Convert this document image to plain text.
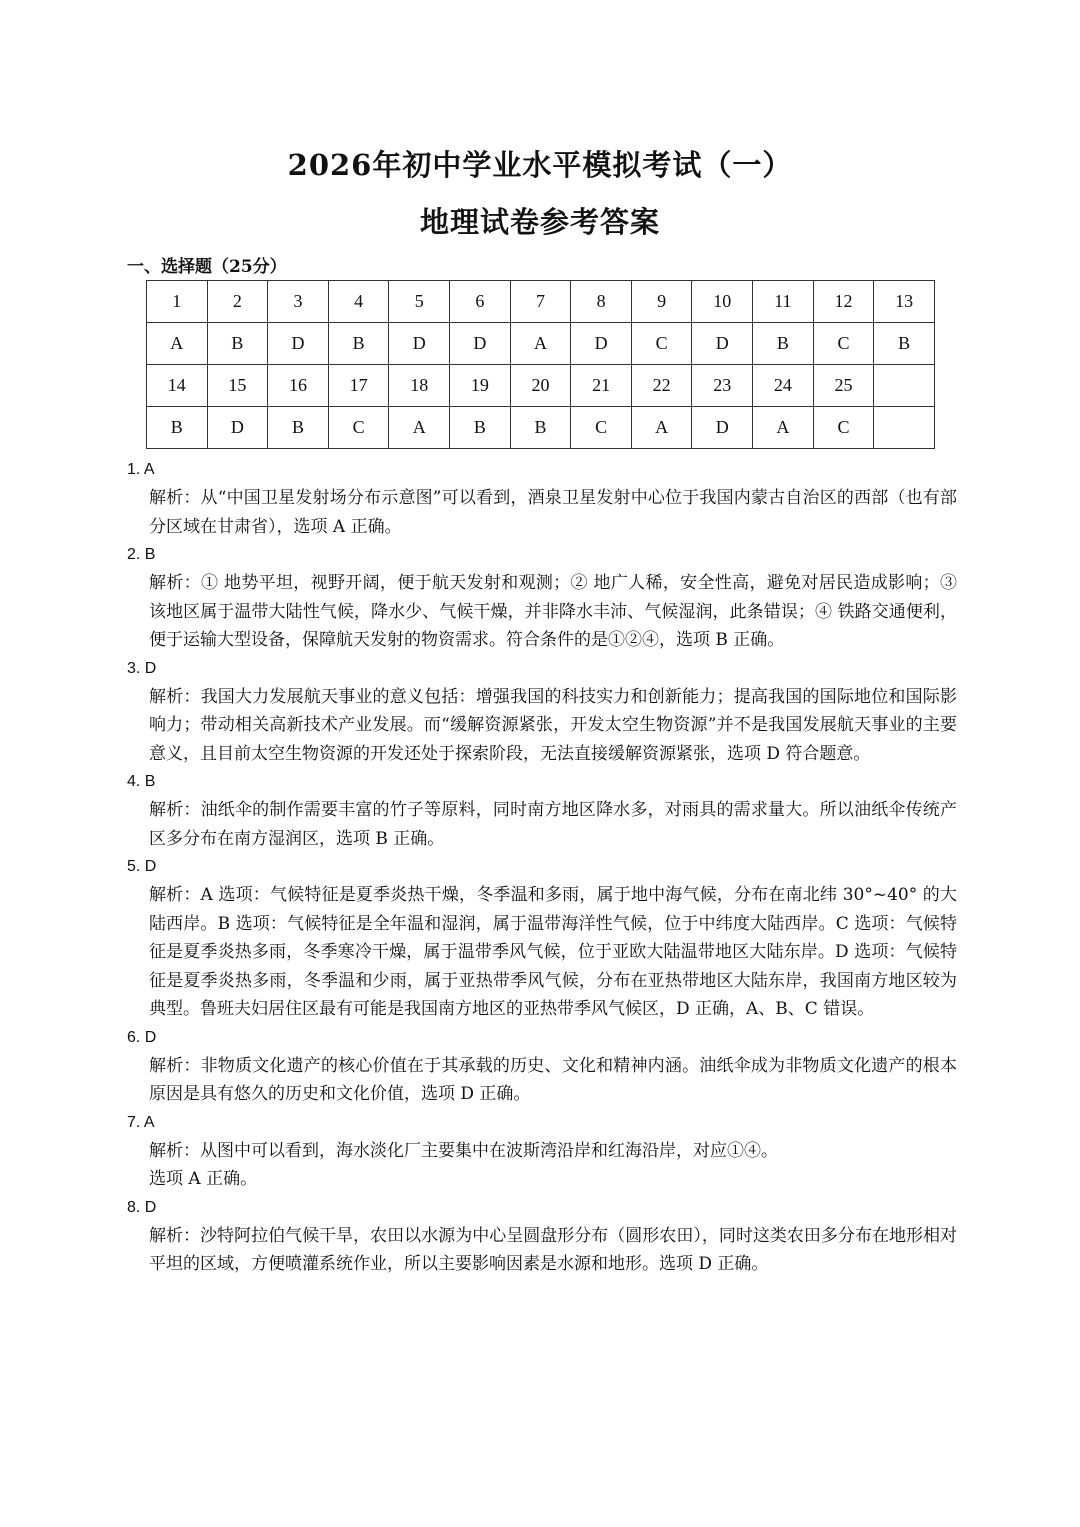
2026年初中学业水平模拟考试（一）
地理试卷参考答案
一、选择题（25分）
1	2	3	4	5	6	7	8	9	10	11	12	13
A	B	D	B	D	D	A	D	C	D	B	C	B
14	15	16	17	18	19	20	21	22	23	24	25	
B	D	B	C	A	B	B	C	A	D	A	C	
1. A
解析：从“中国卫星发射场分布示意图”可以看到，酒泉卫星发射中心位于我国内蒙古自治区的西部（也有部分区域在甘肃省），选项 A 正确。
2. B
解析：① 地势平坦，视野开阔，便于航天发射和观测；② 地广人稀，安全性高，避免对居民造成影响；③ 该地区属于温带大陆性气候，降水少、气候干燥，并非降水丰沛、气候湿润，此条错误；④ 铁路交通便利，便于运输大型设备，保障航天发射的物资需求。符合条件的是①②④，选项 B 正确。
3. D
解析：我国大力发展航天事业的意义包括：增强我国的科技实力和创新能力；提高我国的国际地位和国际影响力；带动相关高新技术产业发展。而“缓解资源紧张，开发太空生物资源”并不是我国发展航天事业的主要意义，且目前太空生物资源的开发还处于探索阶段，无法直接缓解资源紧张，选项 D 符合题意。
4. B
解析：油纸伞的制作需要丰富的竹子等原料，同时南方地区降水多，对雨具的需求量大。所以油纸伞传统产区多分布在南方湿润区，选项 B 正确。
5. D
解析：A 选项：气候特征是夏季炎热干燥，冬季温和多雨，属于地中海气候，分布在南北纬 30°~40° 的大陆西岸。B 选项：气候特征是全年温和湿润，属于温带海洋性气候，位于中纬度大陆西岸。C 选项：气候特征是夏季炎热多雨，冬季寒冷干燥，属于温带季风气候，位于亚欧大陆温带地区大陆东岸。D 选项：气候特征是夏季炎热多雨，冬季温和少雨，属于亚热带季风气候，分布在亚热带地区大陆东岸，我国南方地区较为典型。鲁班夫妇居住区最有可能是我国南方地区的亚热带季风气候区，D 正确，A、B、C 错误。
6. D
解析：非物质文化遗产的核心价值在于其承载的历史、文化和精神内涵。油纸伞成为非物质文化遗产的根本原因是具有悠久的历史和文化价值，选项 D 正确。
7. A
解析：从图中可以看到，海水淡化厂主要集中在波斯湾沿岸和红海沿岸，对应①④。
选项 A 正确。
8. D
解析：沙特阿拉伯气候干旱，农田以水源为中心呈圆盘形分布（圆形农田），同时这类农田多分布在地形相对平坦的区域，方便喷灌系统作业，所以主要影响因素是水源和地形。选项 D 正确。
